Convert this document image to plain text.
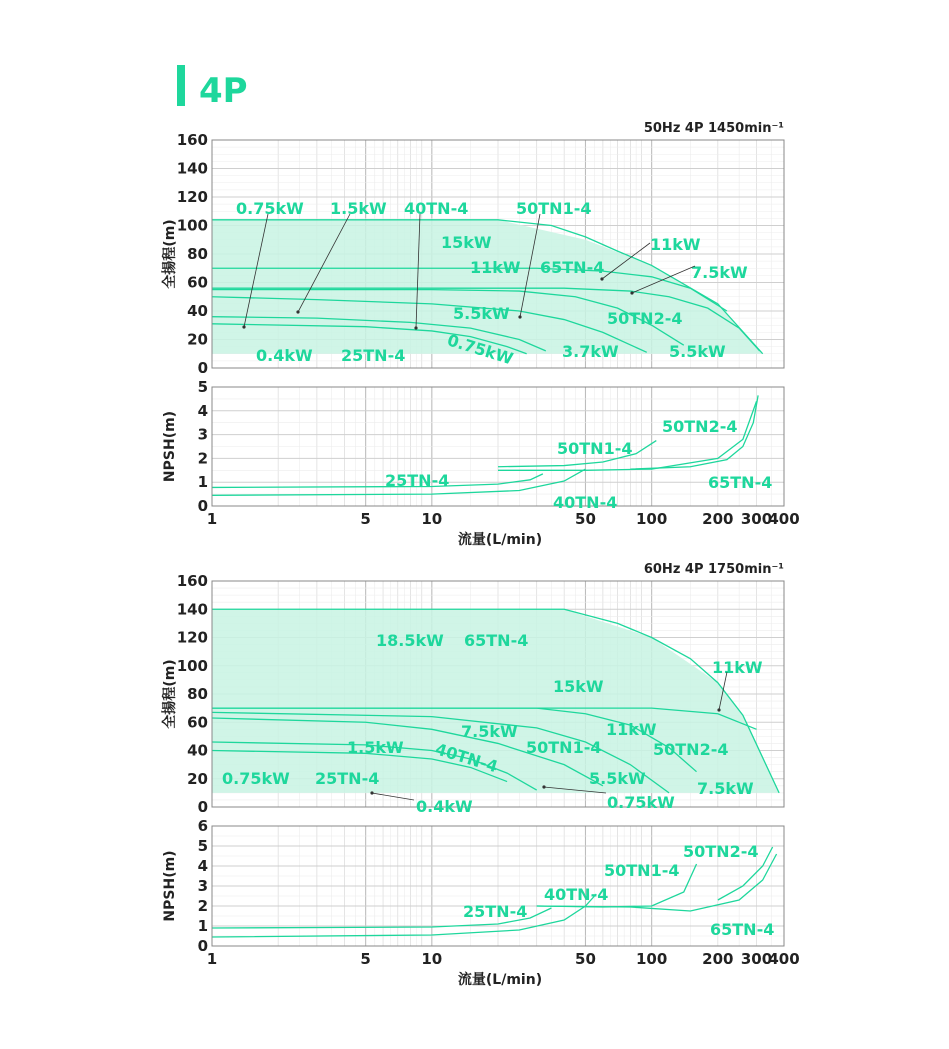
4P
0
20
40
60
80
100
120
140
160
全揚程(m)
50Hz 4P 1450min⁻¹
0.75kW 1.5kW 40TN-4	50TN1-4
15kW	11kW
11kW 65TN-4	7.5kW
5.5kW	50TN2-4
0.75kW
0.4kW 25TN-4	3.7kW	5.5kW
0
1
2
3
4
5
NPSH(m)
1	5	10	50	100 200 300
400
流量(L/min)
50TN2-4
50TN1-4
25TN-4	65TN-4
40TN-4
0
20
40
60
80
100
120
140
160
全揚程(m)
60Hz 4P 1750min⁻¹
18.5kW 65TN-4
11kW
15kW
7.5kW	11kW
1.5kW 40TN-4 50TN1-4	50TN2-4
0.75kW 25TN-4	5.5kW
0.4kW	0.75kW
7.5kW
0
1
2
3
4
5
6
NPSH(m)
1	5	10	50	100 200 300
400
流量(L/min)
50TN2-4
50TN1-4
40TN-4
25TN-4
65TN-4
